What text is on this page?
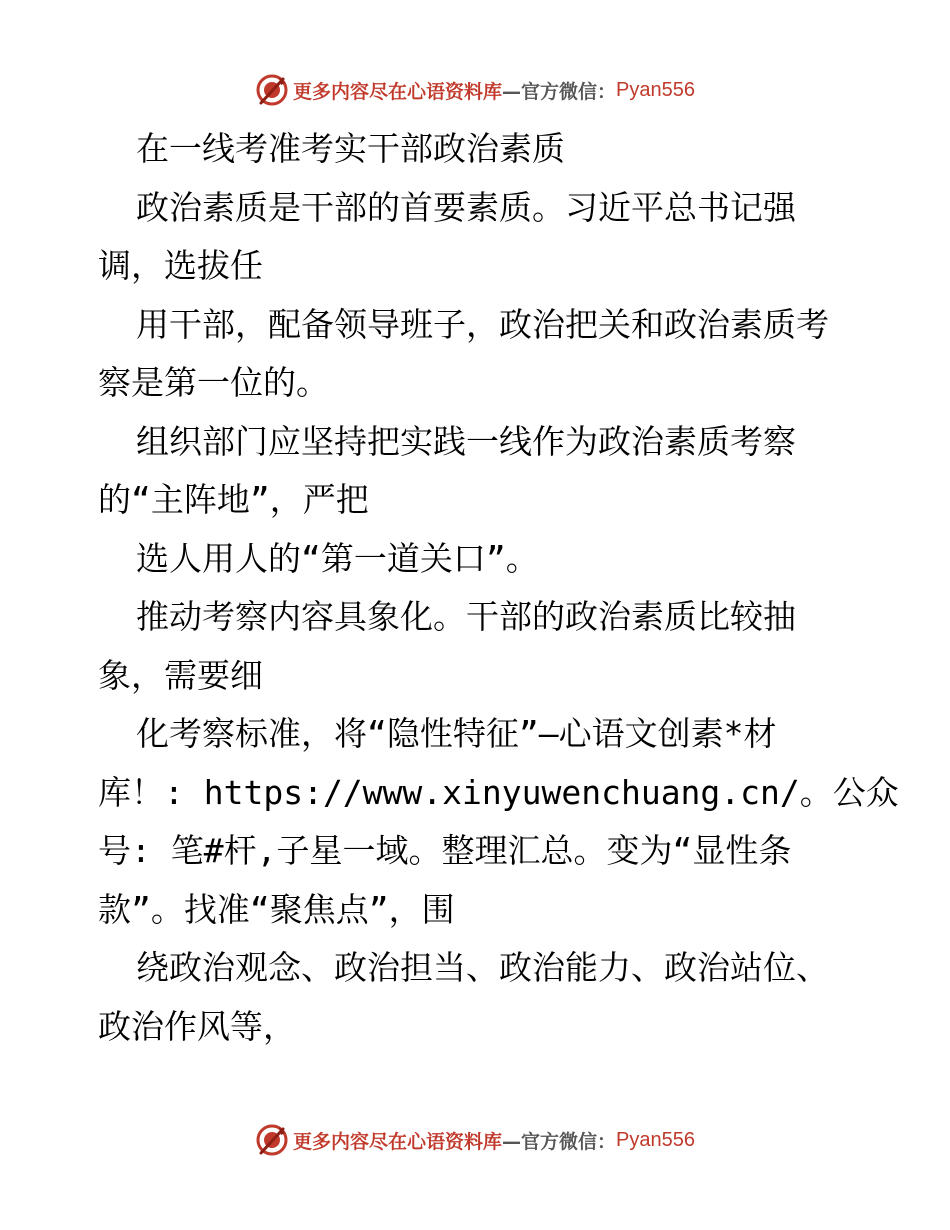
更多内容尽在心语资料库 —官方微信： Pyan556

在一线考准考实干部政治素质

政治素质是干部的首要素质。习近平总书记强

调，选拔任

用干部，配备领导班子，政治把关和政治素质考

察是第一位的。

组织部门应坚持把实践一线作为政治素质考察

的“主阵地”，严把

选人用人的“第一道关口”。

推动考察内容具象化。干部的政治素质比较抽

象，需要细

化考察标准，将“隐性特征”—心语文创素*材

库！: https://www.xinyuwenchuang.cn/。公众

号: 笔#杆,子星一域。整理汇总。变为“显性条

款”。找准“聚焦点”，围

绕政治观念、政治担当、政治能力、政治站位、

政治作风等，

更多内容尽在心语资料库 —官方微信： Pyan556
